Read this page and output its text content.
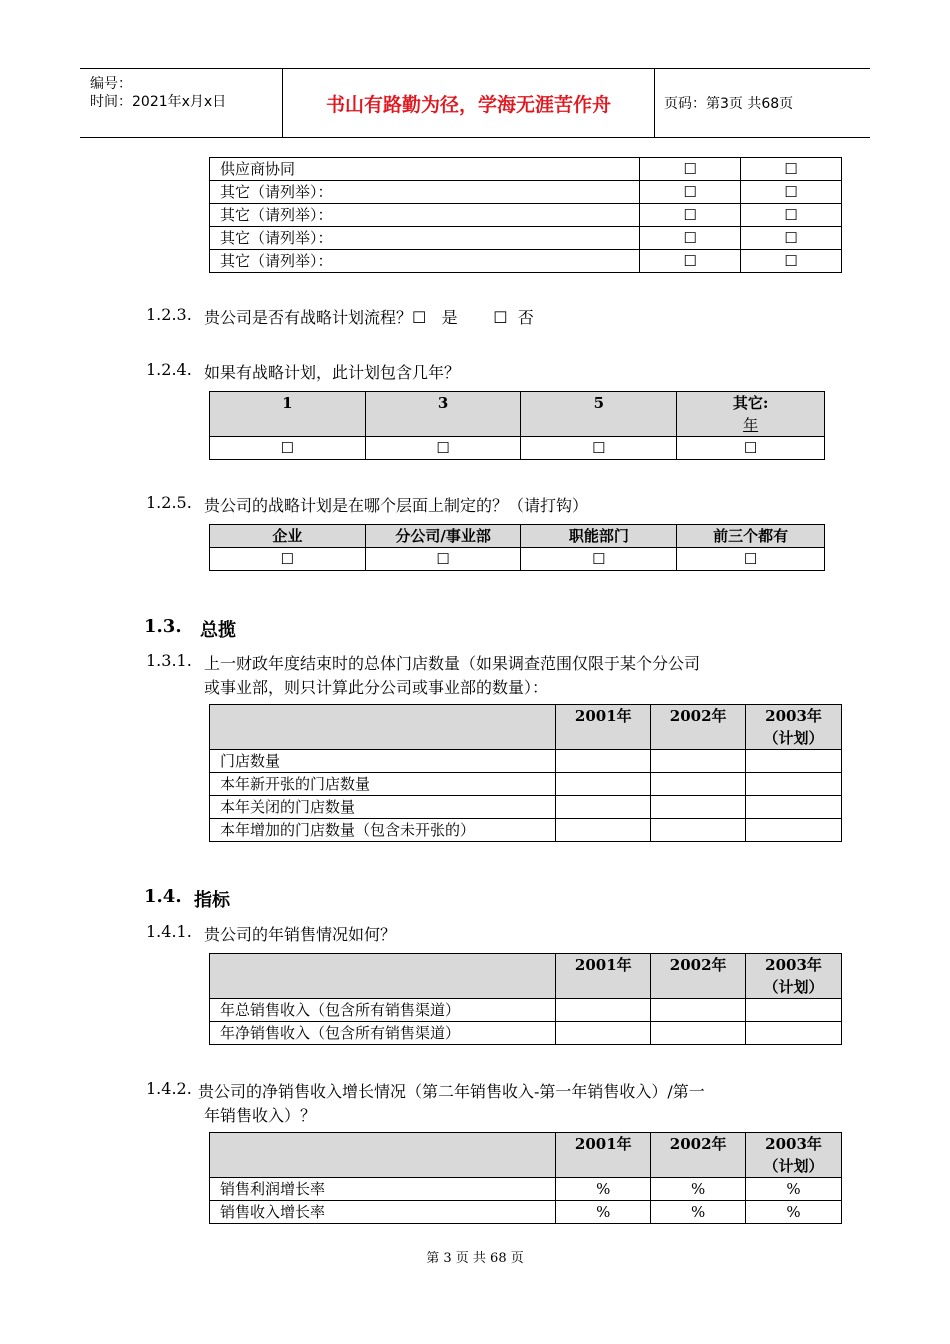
编号：
时间：2021年x月x日	书山有路勤为径，学海无涯苦作舟	页码：第3页 共68页
供应商协同	☐	☐
其它（请列举）：	☐	☐
其它（请列举）：	☐	☐
其它（请列举）：	☐	☐
其它（请列举）：	☐	☐
1.2.3. 贵公司是否有战略计划流程？☐   是       ☐  否
1.2.4. 如果有战略计划，此计划包含几年？
1	3	5	其它:
年

☐	☐	☐	☐
1.2.5. 贵公司的战略计划是在哪个层面上制定的？（请打钩）
企业	分公司/事业部	职能部门	前三个都有
☐	☐	☐	☐
1.3. 总揽
1.3.1. 上一财政年度结束时的总体门店数量（如果调查范围仅限于某个分公司
或事业部，则只计算此分公司或事业部的数量）：
	2001年	2002年	2003年
（计划）

门店数量			
本年新开张的门店数量			
本年关闭的门店数量			
本年增加的门店数量（包含未开张的）			
1.4. 指标
1.4.1. 贵公司的年销售情况如何？
	2001年	2002年	2003年
（计划）

年总销售收入（包含所有销售渠道）			
年净销售收入（包含所有销售渠道）			
1.4.2. 贵公司的净销售收入增长情况（第二年销售收入-第一年销售收入）/第一
年销售收入）？
	2001年	2002年	2003年
（计划）

销售利润增长率	%	%	%
销售收入增长率	%	%	%
第 3 页 共 68 页
